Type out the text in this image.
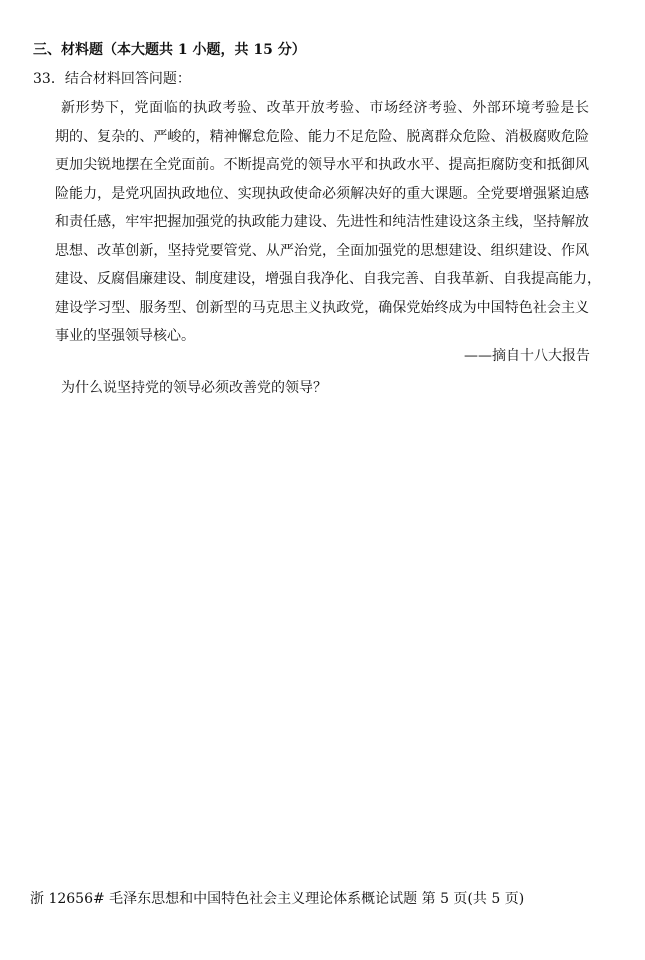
三、材料题（本大题共 1 小题，共 15 分）
33．结合材料回答问题：
新形势下，党面临的执政考验、改革开放考验、市场经济考验、外部环境考验是长
期的、复杂的、严峻的，精神懈怠危险、能力不足危险、脱离群众危险、消极腐败危险
更加尖锐地摆在全党面前。不断提高党的领导水平和执政水平、提高拒腐防变和抵御风
险能力，是党巩固执政地位、实现执政使命必须解决好的重大课题。全党要增强紧迫感
和责任感，牢牢把握加强党的执政能力建设、先进性和纯洁性建设这条主线，坚持解放
思想、改革创新，坚持党要管党、从严治党，全面加强党的思想建设、组织建设、作风
建设、反腐倡廉建设、制度建设，增强自我净化、自我完善、自我革新、自我提高能力，
建设学习型、服务型、创新型的马克思主义执政党，确保党始终成为中国特色社会主义
事业的坚强领导核心。
——摘自十八大报告
为什么说坚持党的领导必须改善党的领导？
浙 12656# 毛泽东思想和中国特色社会主义理论体系概论试题 第 5 页(共 5 页)
